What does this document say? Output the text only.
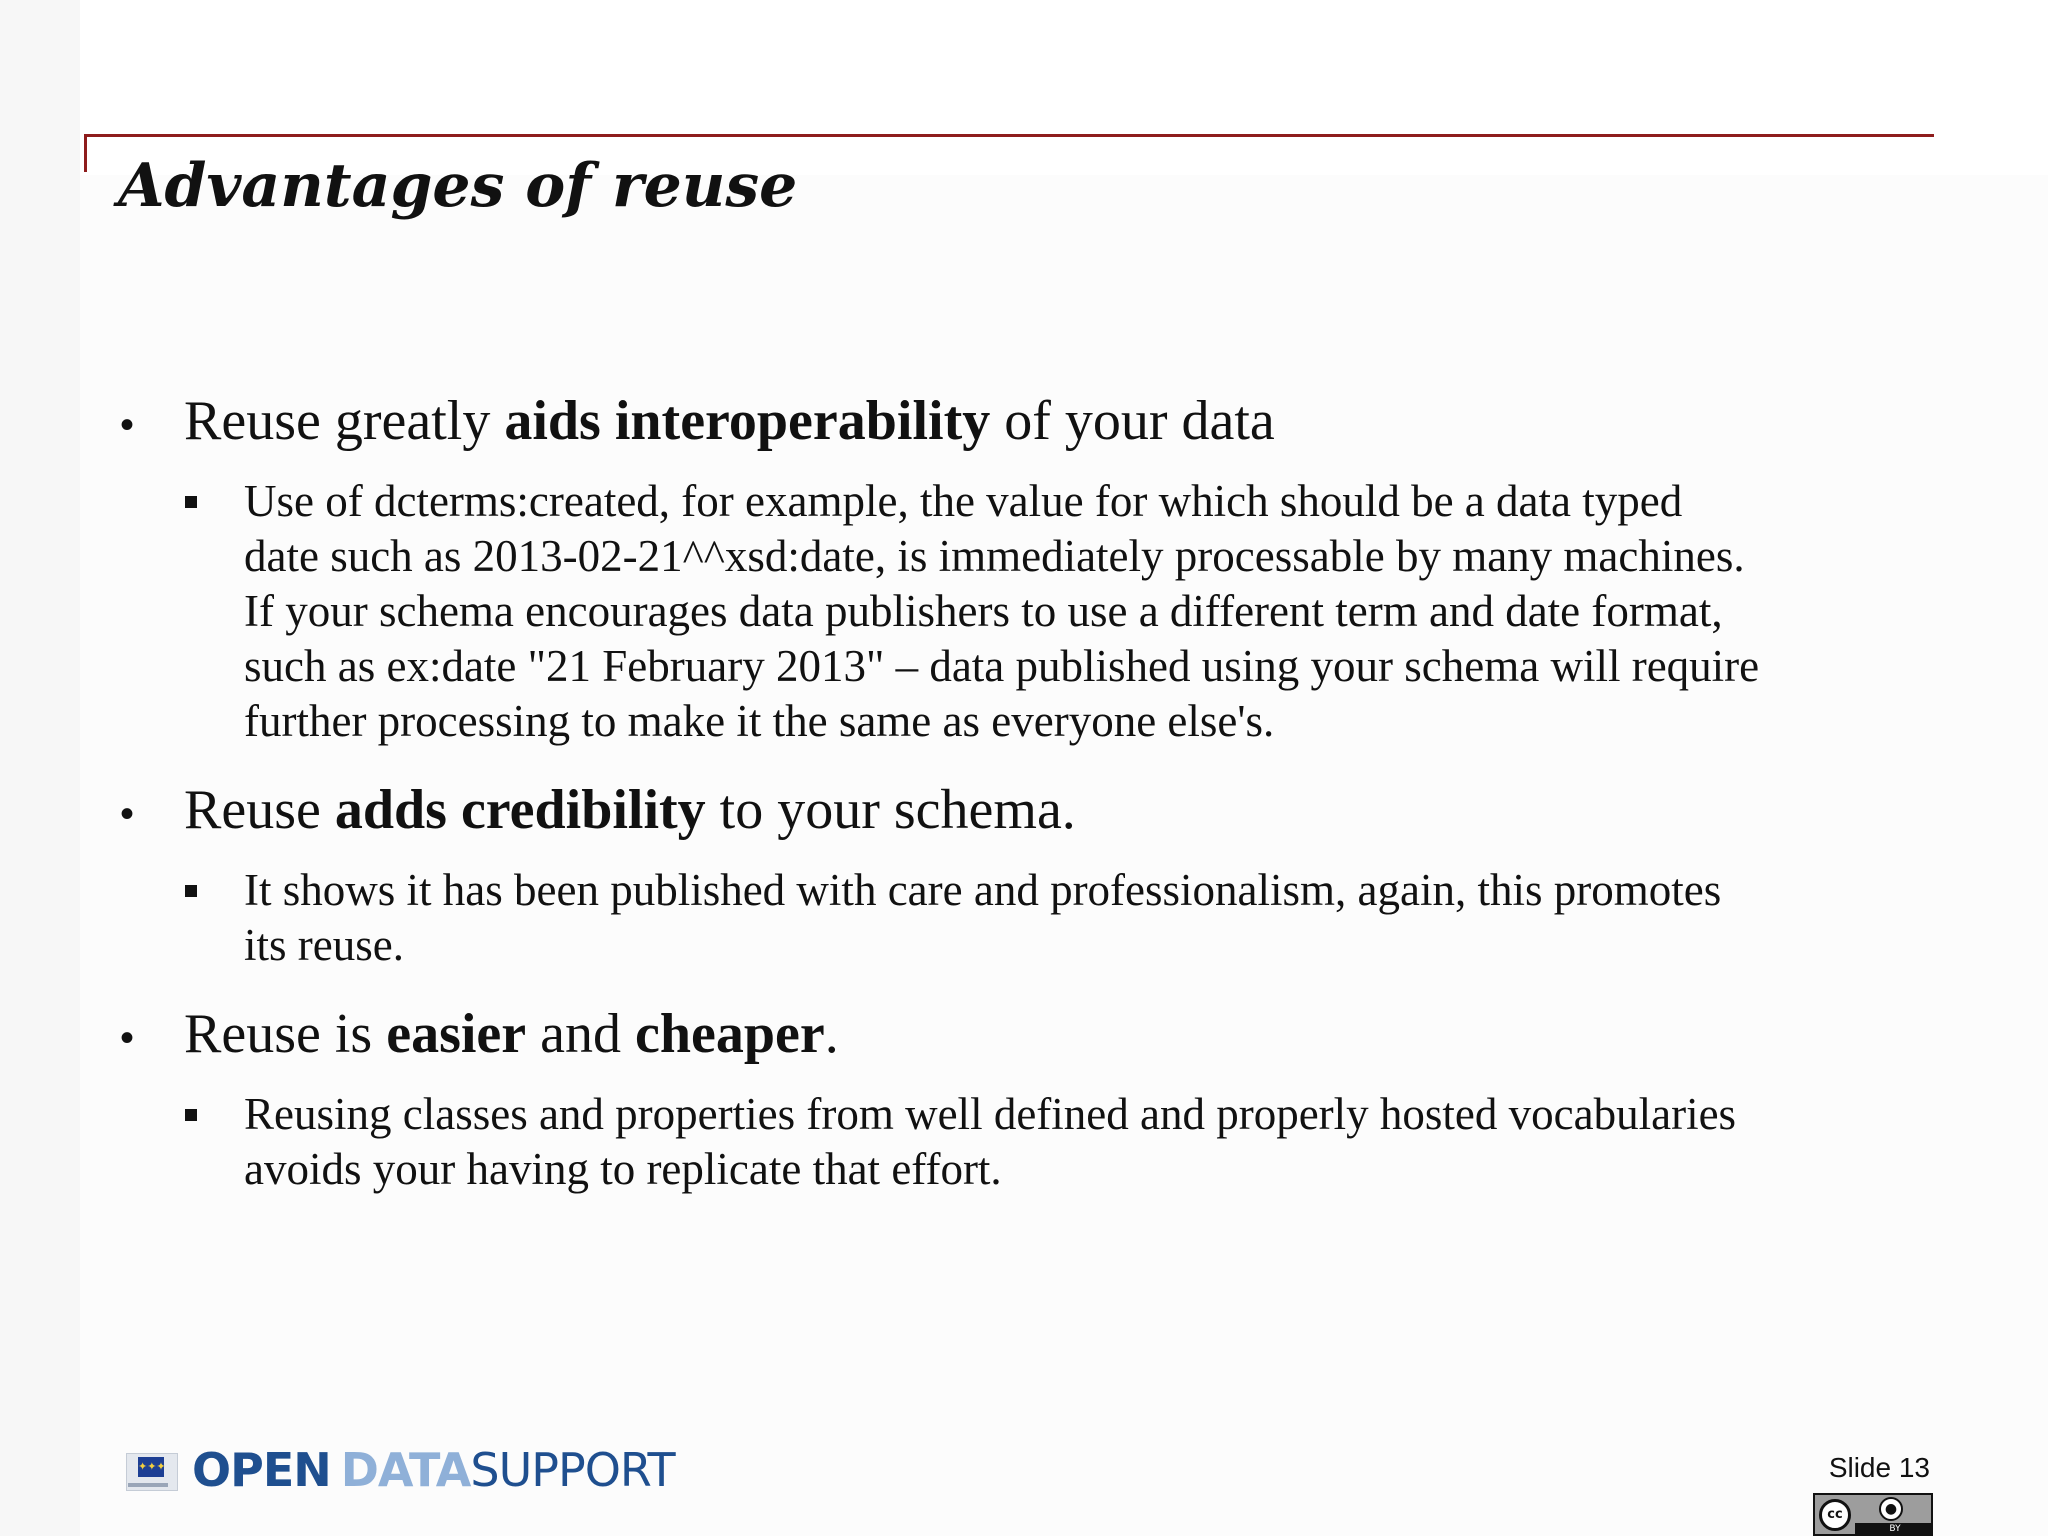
Advantages of reuse
• Reuse greatly aids interoperability of your data
Use of dcterms:created, for example, the value for which should be a data typed
date such as 2013-02-21^^xsd:date, is immediately processable by many machines.
If your schema encourages data publishers to use a different term and date format,
such as ex:date "21 February 2013" – data published using your schema will require
further processing to make it the same as everyone else's.
• Reuse adds credibility to your schema.
It shows it has been published with care and professionalism, again, this promotes
its reuse.
• Reuse is easier and cheaper.
Reusing classes and properties from well defined and properly hosted vocabularies
avoids your having to replicate that effort.
✦✦✦ OPEN DATASUPPORT	Slide 13
cc	●
BY
